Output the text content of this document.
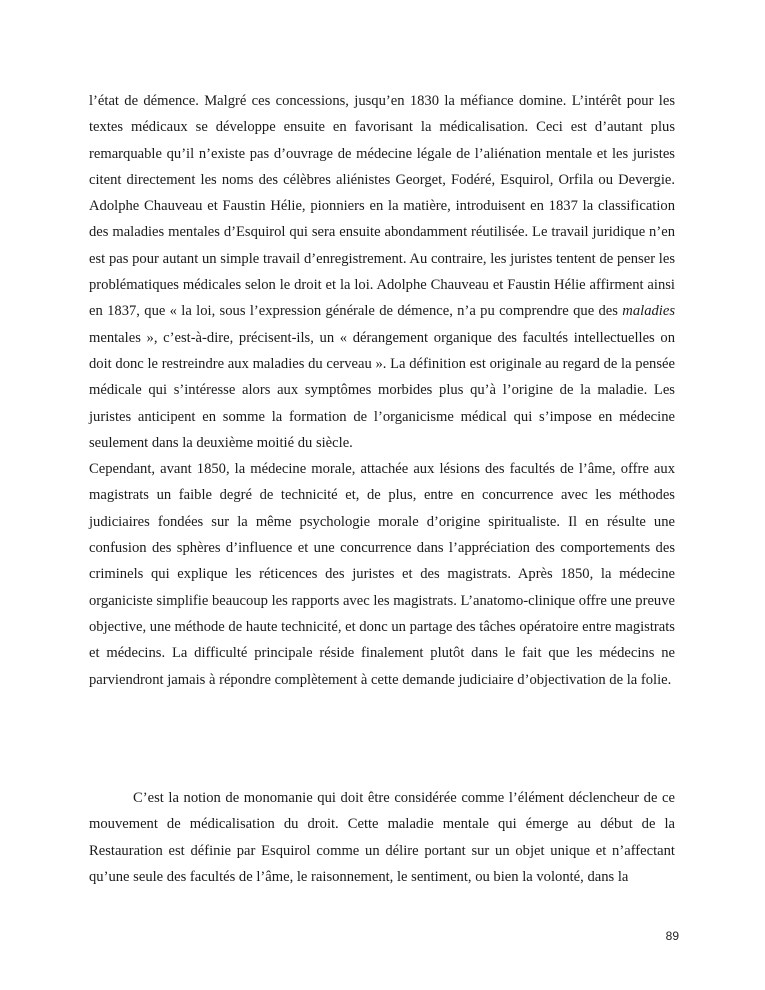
l’état de démence. Malgré ces concessions, jusqu’en 1830 la méfiance domine. L’intérêt pour les textes médicaux se développe ensuite en favorisant la médicalisation. Ceci est d’autant plus remarquable qu’il n’existe pas d’ouvrage de médecine légale de l’aliénation mentale et les juristes citent directement les noms des célèbres aliénistes Georget, Fodéré, Esquirol, Orfila ou Devergie. Adolphe Chauveau et Faustin Hélie, pionniers en la matière, introduisent en 1837 la classification des maladies mentales d’Esquirol qui sera ensuite abondamment réutilisée. Le travail juridique n’en est pas pour autant un simple travail d’enregistrement. Au contraire, les juristes tentent de penser les problématiques médicales selon le droit et la loi. Adolphe Chauveau et Faustin Hélie affirment ainsi en 1837, que « la loi, sous l’expression générale de démence, n’a pu comprendre que des maladies mentales », c’est-à-dire, précisent-ils, un « dérangement organique des facultés intellectuelles on doit donc le restreindre aux maladies du cerveau ». La définition est originale au regard de la pensée médicale qui s’intéresse alors aux symptômes morbides plus qu’à l’origine de la maladie. Les juristes anticipent en somme la formation de l’organicisme médical qui s’impose en médecine seulement dans la deuxième moitié du siècle.

Cependant, avant 1850, la médecine morale, attachée aux lésions des facultés de l’âme, offre aux magistrats un faible degré de technicité et, de plus, entre en concurrence avec les méthodes judiciaires fondées sur la même psychologie morale d’origine spiritualiste. Il en résulte une confusion des sphères d’influence et une concurrence dans l’appréciation des comportements des criminels qui explique les réticences des juristes et des magistrats. Après 1850, la médecine organiciste simplifie beaucoup les rapports avec les magistrats. L’anatomo-clinique offre une preuve objective, une méthode de haute technicité, et donc un partage des tâches opératoire entre magistrats et médecins. La difficulté principale réside finalement plutôt dans le fait que les médecins ne parviendront jamais à répondre complètement à cette demande judiciaire d’objectivation de la folie.

C’est la notion de monomanie qui doit être considérée comme l’élément déclencheur de ce mouvement de médicalisation du droit. Cette maladie mentale qui émerge au début de la Restauration est définie par Esquirol comme un délire portant sur un objet unique et n’affectant qu’une seule des facultés de l’âme, le raisonnement, le sentiment, ou bien la volonté, dans la

89
